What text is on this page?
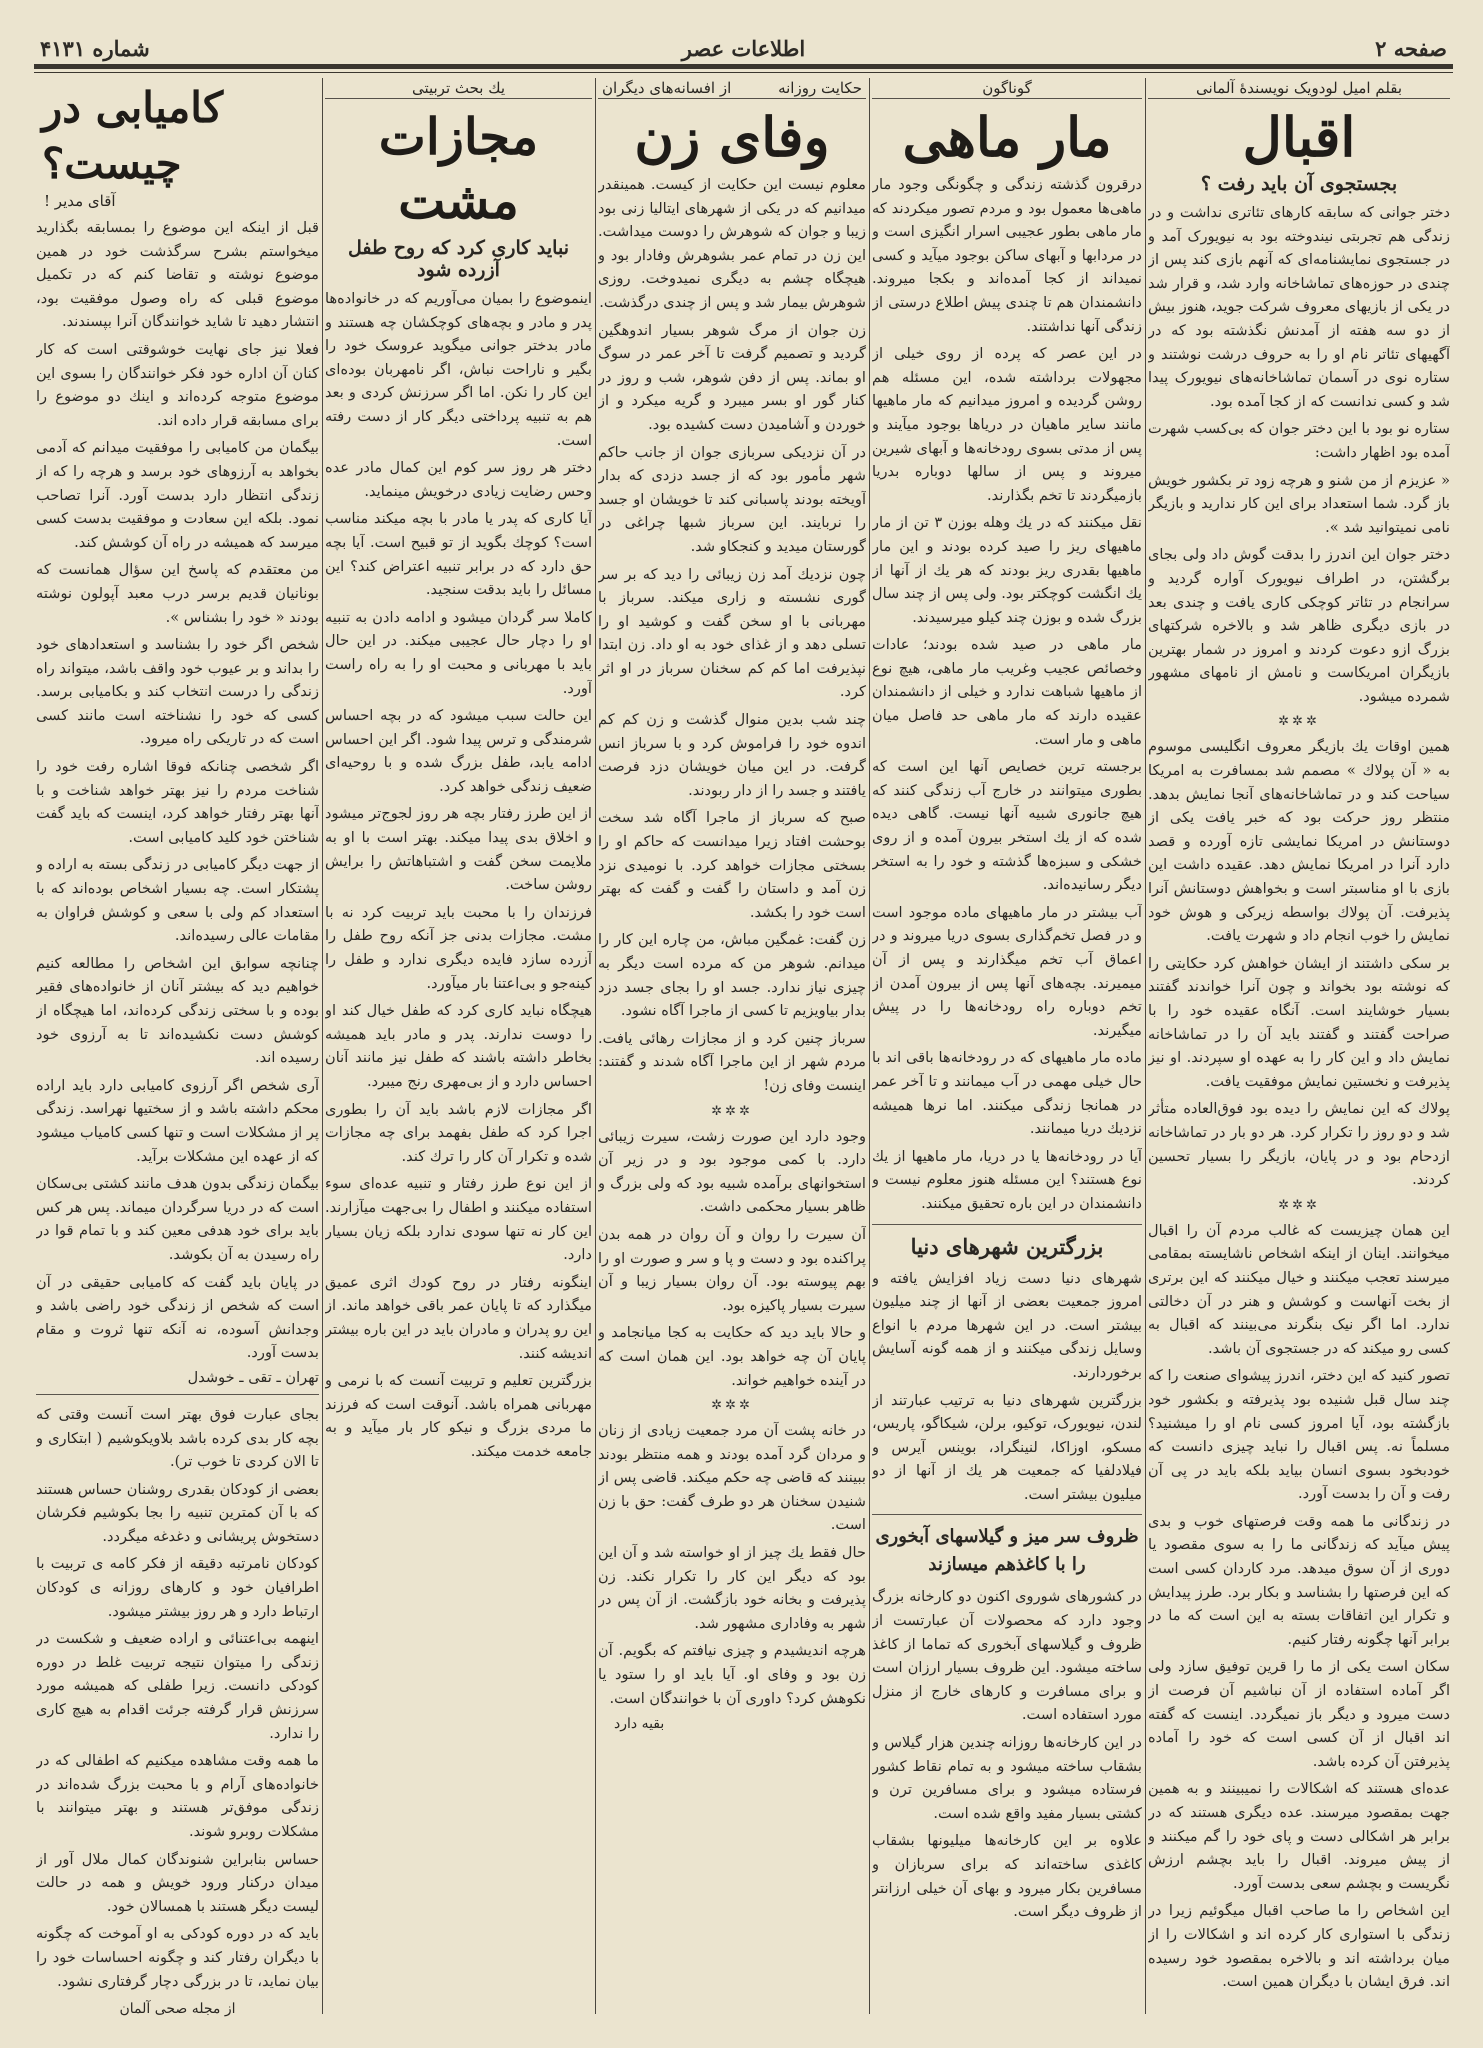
صفحه ۲
اطلاعات عصر
شماره ۴۱۳۱
بقلم امیل لودویک نویسندهٔ آلمانی
اقبال
بجستجوی آن باید رفت ؟

دختر جوانی که سابقه کارهای تئاتری نداشت و در زندگی هم تجربتی نیندوخته بود به نیویورک آمد و در جستجوی نمایشنامه‌ای که آنهم بازی کند پس از چندی در حوزه‌های تماشاخانه وارد شد، و قرار شد در یکی از بازیهای معروف شرکت جوید، هنوز بیش از دو سه هفته از آمدنش نگذشته بود که در آگهیهای تئاتر نام او را به حروف درشت نوشتند و ستاره نوی در آسمان تماشاخانه‌های نیویورک پیدا شد و کسی ندانست که از کجا آمده بود.

ستاره نو بود با این دختر جوان که بی‌کسب شهرت آمده بود اظهار داشت:

« عزیزم از من شنو و هرچه زود تر بکشور خویش باز گرد. شما استعداد برای این کار ندارید و بازیگر نامی نمیتوانید شد ».

دختر جوان این اندرز را بدقت گوش داد ولی بجای برگشتن، در اطراف نیویورک آواره گردید و سرانجام در تئاتر کوچکی کاری یافت و چندی بعد در بازی دیگری ظاهر شد و بالاخره شرکتهای بزرگ ازو دعوت کردند و امروز در شمار بهترین بازیگران امریکاست و نامش از نامهای مشهور شمرده میشود.

✲✲✲

همین اوقات یك بازیگر معروف انگلیسی موسوم به « آن پولاك » مصمم شد بمسافرت به امریکا سیاحت کند و در تماشاخانه‌های آنجا نمایش بدهد. منتظر روز حرکت بود که خبر یافت یکی از دوستانش در امریکا نمایشی تازه آورده و قصد دارد آنرا در امریکا نمایش دهد. عقیده داشت این بازی با او مناسبتر است و بخواهش دوستانش آنرا پذیرفت. آن پولاك بواسطه زیرکی و هوش خود نمایش را خوب انجام داد و شهرت یافت.

بر سکی داشتند از ایشان خواهش کرد حکایتی را که نوشته بود بخواند و چون آنرا خواندند گفتند بسیار خوشایند است. آنگاه عقیده خود را با صراحت گفتند و گفتند باید آن را در تماشاخانه نمایش داد و این کار را به عهده او سپردند. او نیز پذیرفت و نخستین نمایش موفقیت یافت.

پولاك که این نمایش را دیده بود فوق‌العاده متأثر شد و دو روز را تکرار کرد. هر دو بار در تماشاخانه ازدحام بود و در پایان، بازیگر را بسیار تحسین کردند.

✲✲✲

این همان چیزیست که غالب مردم آن را اقبال میخوانند. اینان از اینکه اشخاص ناشایسته بمقامی میرسند تعجب میکنند و خیال میکنند که این برتری از بخت آنهاست و کوشش و هنر در آن دخالتی ندارد. اما اگر نیک بنگرند می‌بینند که اقبال به کسی رو میکند که در جستجوی آن باشد.

تصور کنید که این دختر، اندرز پیشوای صنعت را که چند سال قبل شنیده بود پذیرفته و بکشور خود بازگشته بود، آیا امروز کسی نام او را میشنید؟ مسلماً نه. پس اقبال را نباید چیزی دانست که خودبخود بسوی انسان بیاید بلکه باید در پی آن رفت و آن را بدست آورد.

در زندگانی ما همه وقت فرصتهای خوب و بدی پیش میآید که زندگانی ما را به سوی مقصود یا دوری از آن سوق میدهد. مرد کاردان کسی است که این فرصتها را بشناسد و بکار برد. طرز پیدایش و تکرار این اتفاقات بسته به این است که ما در برابر آنها چگونه رفتار کنیم.

سکان است یکی از ما را قرین توفیق سازد ولی اگر آماده استفاده از آن نباشیم آن فرصت از دست میرود و دیگر باز نمیگردد. اینست که گفته اند اقبال از آن کسی است که خود را آماده پذیرفتن آن کرده باشد.

عده‌ای هستند که اشکالات را نمیبینند و به همین جهت بمقصود میرسند. عده دیگری هستند که در برابر هر اشکالی دست و پای خود را گم میکنند و از پیش میروند. اقبال را باید بچشم ارزش نگریست و بچشم سعی بدست آورد.

این اشخاص را ما صاحب اقبال میگوئیم زیرا در زندگی با استواری کار کرده اند و اشکالات را از میان برداشته اند و بالاخره بمقصود خود رسیده اند. فرق ایشان با دیگران همین است.

گوناگون
مار ماهی

درقرون گذشته زندگی و چگونگی وجود مار ماهی‌ها معمول بود و مردم تصور میکردند که مار ماهی بطور عجیبی اسرار انگیزی است و در مردابها و آبهای ساکن بوجود میآید و کسی نمیداند از کجا آمده‌اند و بکجا میروند. دانشمندان هم تا چندی پیش اطلاع درستی از زندگی آنها نداشتند.

در این عصر که پرده از روی خیلی از مجهولات برداشته شده، این مسئله هم روشن گردیده و امروز میدانیم که مار ماهیها مانند سایر ماهیان در دریاها بوجود میآیند و پس از مدتی بسوی رودخانه‌ها و آبهای شیرین میروند و پس از سالها دوباره بدریا بازمیگردند تا تخم بگذارند.

نقل میکنند که در یك وهله بوزن ۳ تن از مار ماهیهای ریز را صید کرده بودند و این مار ماهیها بقدری ریز بودند که هر یك از آنها از یك انگشت کوچکتر بود. ولی پس از چند سال بزرگ شده و بوزن چند کیلو میرسیدند.

مار ماهی در صید شده بودند؛ عادات وخصائص عجیب وغریب مار ماهی، هیچ نوع از ماهیها شباهت ندارد و خیلی از دانشمندان عقیده دارند که مار ماهی حد فاصل میان ماهی و مار است.

برجسته ترین خصایص آنها این است که بطوری میتوانند در خارج آب زندگی کنند که هیچ جانوری شبیه آنها نیست. گاهی دیده شده که از یك استخر بیرون آمده و از روی خشکی و سبزه‌ها گذشته و خود را به استخر دیگر رسانیده‌اند.

آب بیشتر در مار ماهیهای ماده موجود است و در فصل تخم‌گذاری بسوی دریا میروند و در اعماق آب تخم میگذارند و پس از آن میمیرند. بچه‌های آنها پس از بیرون آمدن از تخم دوباره راه رودخانه‌ها را در پیش میگیرند.

ماده مار ماهیهای که در رودخانه‌ها باقی اند با حال خیلی مهمی در آب میمانند و تا آخر عمر در همانجا زندگی میکنند. اما نرها همیشه نزدیك دریا میمانند.

آیا در رودخانه‌ها یا در دریا، مار ماهیها از یك نوع هستند؟ این مسئله هنوز معلوم نیست و دانشمندان در این باره تحقیق میکنند.

بزرگترین شهرهای دنیا

شهرهای دنیا دست زیاد افزایش یافته و امروز جمعیت بعضی از آنها از چند میلیون بیشتر است. در این شهرها مردم با انواع وسایل زندگی میکنند و از همه گونه آسایش برخوردارند.

بزرگترین شهرهای دنیا به ترتیب عبارتند از لندن، نیویورک، توکیو، برلن، شیکاگو، پاریس، مسکو، اوزاکا، لنینگراد، بوینس آیرس و فیلادلفیا که جمعیت هر یك از آنها از دو میلیون بیشتر است.

ظروف سر میز و گیلاسهای آبخوری را با کاغذهم میسازند

در کشورهای شوروی اکنون دو کارخانه بزرگ وجود دارد که محصولات آن عبارتست از ظروف و گیلاسهای آبخوری که تماما از کاغذ ساخته میشود. این ظروف بسیار ارزان است و برای مسافرت و کارهای خارج از منزل مورد استفاده است.

در این کارخانه‌ها روزانه چندین هزار گیلاس و بشقاب ساخته میشود و به تمام نقاط کشور فرستاده میشود و برای مسافرین ترن و کشتی بسیار مفید واقع شده است.

علاوه بر این کارخانه‌ها میلیونها بشقاب کاغذی ساخته‌اند که برای سربازان و مسافرین بکار میرود و بهای آن خیلی ارزانتر از ظروف دیگر است.

حکایت روزانه
از افسانه‌های دیگران
وفای زن

معلوم نیست این حکایت از کیست. همینقدر میدانیم که در یکی از شهرهای ایتالیا زنی بود زیبا و جوان که شوهرش را دوست میداشت. این زن در تمام عمر بشوهرش وفادار بود و هیچگاه چشم به دیگری نمیدوخت. روزی شوهرش بیمار شد و پس از چندی درگذشت.

زن جوان از مرگ شوهر بسیار اندوهگین گردید و تصمیم گرفت تا آخر عمر در سوگ او بماند. پس از دفن شوهر، شب و روز در کنار گور او بسر میبرد و گریه میکرد و از خوردن و آشامیدن دست کشیده بود.

در آن نزدیکی سربازی جوان از جانب حاکم شهر مأمور بود که از جسد دزدی که بدار آویخته بودند پاسبانی کند تا خویشان او جسد را نربایند. این سرباز شبها چراغی در گورستان میدید و کنجکاو شد.

چون نزدیك آمد زن زیبائی را دید که بر سر گوری نشسته و زاری میکند. سرباز با مهربانی با او سخن گفت و کوشید او را تسلی دهد و از غذای خود به او داد. زن ابتدا نپذیرفت اما کم کم سخنان سرباز در او اثر کرد.

چند شب بدین منوال گذشت و زن کم کم اندوه خود را فراموش کرد و با سرباز انس گرفت. در این میان خویشان دزد فرصت یافتند و جسد را از دار ربودند.

صبح که سرباز از ماجرا آگاه شد سخت بوحشت افتاد زیرا میدانست که حاکم او را بسختی مجازات خواهد کرد. با نومیدی نزد زن آمد و داستان را گفت و گفت که بهتر است خود را بکشد.

زن گفت: غمگین مباش، من چاره این کار را میدانم. شوهر من که مرده است دیگر به چیزی نیاز ندارد. جسد او را بجای جسد دزد بدار بیاویزیم تا کسی از ماجرا آگاه نشود.

سرباز چنین کرد و از مجازات رهائی یافت. مردم شهر از این ماجرا آگاه شدند و گفتند: اینست وفای زن!

✲✲✲

وجود دارد این صورت زشت، سیرت زیبائی دارد. با کمی موجود بود و در زیر آن استخوانهای برآمده شبیه بود که ولی بزرگ و ظاهر بسیار محکمی داشت.

آن سیرت را روان و آن روان در همه بدن پراکنده بود و دست و پا و سر و صورت او را بهم پیوسته بود. آن روان بسیار زیبا و آن سیرت بسیار پاکیزه بود.

و حالا باید دید که حکایت به کجا میانجامد و پایان آن چه خواهد بود. این همان است که در آینده خواهیم خواند.

✲✲✲

در خانه پشت آن مرد جمعیت زیادی از زنان و مردان گرد آمده بودند و همه منتظر بودند ببینند که قاضی چه حکم میکند. قاضی پس از شنیدن سخنان هر دو طرف گفت: حق با زن است.

حال فقط یك چیز از او خواسته شد و آن این بود که دیگر این کار را تکرار نکند. زن پذیرفت و بخانه خود بازگشت. از آن پس در شهر به وفاداری مشهور شد.

هرچه اندیشیدم و چیزی نیافتم که بگویم. آن زن بود و وفای او. آیا باید او را ستود یا نکوهش کرد؟ داوری آن با خوانندگان است.

بقیه دارد
یك بحث تربیتی
مجازات مشت
نباید کاری کرد که روح طفل آزرده شود

اینموضوع را بمیان می‌آوریم که در خانواده‌ها پدر و مادر و بچه‌های کوچکشان چه هستند و مادر بدختر جوانی میگوید عروسک خود را بگیر و ناراحت نباش، اگر نامهربان بوده‌ای این کار را نکن. اما اگر سرزنش کردی و بعد هم به تنبیه پرداختی دیگر کار از دست رفته است.

دختر هر روز سر کوم این کمال مادر عده وحس رضایت زیادی درخویش مینماید.

آیا کاری که پدر یا مادر با بچه میکند مناسب است؟ کوچك بگوید از تو قبیح است. آیا بچه حق دارد که در برابر تنبیه اعتراض کند؟ این مسائل را باید بدقت سنجید.

کاملا سر گردان میشود و ادامه دادن به تنبیه او را دچار حال عجیبی میکند. در این حال باید با مهربانی و محبت او را به راه راست آورد.

این حالت سبب میشود که در بچه احساس شرمندگی و ترس پیدا شود. اگر این احساس ادامه یابد، طفل بزرگ شده و با روحیه‌ای ضعیف زندگی خواهد کرد.

از این طرز رفتار بچه هر روز لجوج‌تر میشود و اخلاق بدی پیدا میکند. بهتر است با او به ملایمت سخن گفت و اشتباهاتش را برایش روشن ساخت.

فرزندان را با محبت باید تربیت کرد نه با مشت. مجازات بدنی جز آنکه روح طفل را آزرده سازد فایده دیگری ندارد و طفل را کینه‌جو و بی‌اعتنا بار میآورد.

هیچگاه نباید کاری کرد که طفل خیال کند او را دوست ندارند. پدر و مادر باید همیشه بخاطر داشته باشند که طفل نیز مانند آنان احساس دارد و از بی‌مهری رنج میبرد.

اگر مجازات لازم باشد باید آن را بطوری اجرا کرد که طفل بفهمد برای چه مجازات شده و تکرار آن کار را ترك کند.

از این نوع طرز رفتار و تنبیه عده‌ای سوء استفاده میکنند و اطفال را بی‌جهت میآزارند. این کار نه تنها سودی ندارد بلکه زیان بسیار دارد.

اینگونه رفتار در روح کودك اثری عمیق میگذارد که تا پایان عمر باقی خواهد ماند. از این رو پدران و مادران باید در این باره بیشتر اندیشه کنند.

بزرگترین تعلیم و تربیت آنست که با نرمی و مهربانی همراه باشد. آنوقت است که فرزند ما مردی بزرگ و نیکو کار بار میآید و به جامعه خدمت میکند.

کامیابی در چیست؟
آقای مدیر !

قبل از اینکه این موضوع را بمسابقه بگذارید میخواستم بشرح سرگذشت خود در همین موضوع نوشته و تقاضا کنم که در تکمیل موضوع قبلی که راه وصول موفقیت بود، انتشار دهید تا شاید خوانندگان آنرا بپسندند.

فعلا نیز جای نهایت خوشوقتی است که کار کنان آن اداره خود فکر خوانندگان را بسوی این موضوع متوجه کرده‌اند و اینك دو موضوع را برای مسابقه قرار داده اند.

بیگمان من کامیابی را موفقیت میدانم که آدمی بخواهد به آرزوهای خود برسد و هرچه را که از زندگی انتظار دارد بدست آورد. آنرا تصاحب نمود. بلکه این سعادت و موفقیت بدست کسی میرسد که همیشه در راه آن کوشش کند.

من معتقدم که پاسخ این سؤال همانست که بونانیان قدیم برسر درب معبد آپولون نوشته بودند « خود را بشناس ».

شخص اگر خود را بشناسد و استعدادهای خود را بداند و بر عیوب خود واقف باشد، میتواند راه زندگی را درست انتخاب کند و بکامیابی برسد. کسی که خود را نشناخته است مانند کسی است که در تاریکی راه میرود.

اگر شخصی چنانکه فوقا اشاره رفت خود را شناخت مردم را نیز بهتر خواهد شناخت و با آنها بهتر رفتار خواهد کرد، اینست که باید گفت شناختن خود کلید کامیابی است.

از جهت دیگر کامیابی در زندگی بسته به اراده و پشتکار است. چه بسیار اشخاص بوده‌اند که با استعداد کم ولی با سعی و کوشش فراوان به مقامات عالی رسیده‌اند.

چنانچه سوابق این اشخاص را مطالعه کنیم خواهیم دید که بیشتر آنان از خانواده‌های فقیر بوده و با سختی زندگی کرده‌اند، اما هیچگاه از کوشش دست نکشیده‌اند تا به آرزوی خود رسیده اند.

آری شخص اگر آرزوی کامیابی دارد باید اراده محکم داشته باشد و از سختیها نهراسد. زندگی پر از مشکلات است و تنها کسی کامیاب میشود که از عهده این مشکلات برآید.

بیگمان زندگی بدون هدف مانند کشتی بی‌سکان است که در دریا سرگردان میماند. پس هر کس باید برای خود هدفی معین کند و با تمام قوا در راه رسیدن به آن بکوشد.

در پایان باید گفت که کامیابی حقیقی در آن است که شخص از زندگی خود راضی باشد و وجدانش آسوده، نه آنکه تنها ثروت و مقام بدست آورد.

تهران ـ تقی ـ خوشدل

بجای عبارت فوق بهتر است آنست وقتی که بچه کار بدی کرده باشد بلاویکوشیم ( ابتکاری و تا الان کردی تا خوب تر).

بعضی از کودکان بقدری روشنان حساس هستند که با آن کمترین تنبیه را بجا بکوشیم فکرشان دستخوش پریشانی و دغدغه میگردد.

کودکان نامرتبه دقیقه از فکر کامه ی تربیت با اطرافیان خود و کارهای روزانه ی کودکان ارتباط دارد و هر روز بیشتر میشود.

اینهمه بی‌اعتنائی و اراده ضعیف و شکست در زندگی را میتوان نتیجه تربیت غلط در دوره کودکی دانست. زیرا طفلی که همیشه مورد سرزنش قرار گرفته جرئت اقدام به هیچ کاری را ندارد.

ما همه وقت مشاهده میکنیم که اطفالی که در خانواده‌های آرام و با محبت بزرگ شده‌اند در زندگی موفق‌تر هستند و بهتر میتوانند با مشکلات روبرو شوند.

حساس بنابراین شنوندگان کمال ملال آور از میدان درکنار ورود خویش و همه در حالت لیست دیگر هستند با همسالان خود.

باید که در دوره کودکی به او آموخت که چگونه با دیگران رفتار کند و چگونه احساسات خود را بیان نماید، تا در بزرگی دچار گرفتاری نشود.

از مجله صحی آلمان
